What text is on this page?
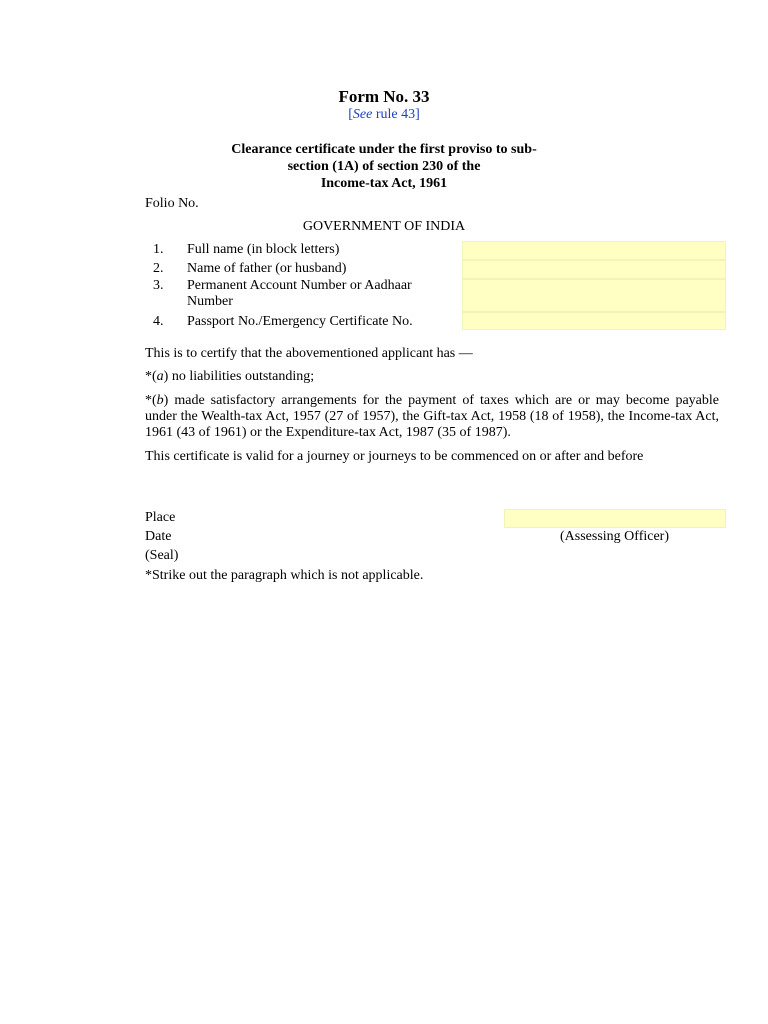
Form No. 33
[See rule 43]
Clearance certificate under the first proviso to sub-
section (1A) of section 230 of the
Income-tax Act, 1961
Folio No.
GOVERNMENT OF INDIA
1. Full name (in block letters)
2. Name of father (or husband)
3. Permanent Account Number or Aadhaar Number
4. Passport No./Emergency Certificate No.
This is to certify that the abovementioned applicant has —
*(a) no liabilities outstanding;
*(b) made satisfactory arrangements for the payment of taxes which are or may become payable under the Wealth-tax Act, 1957 (27 of 1957), the Gift-tax Act, 1958 (18 of 1958), the Income-tax Act, 1961 (43 of 1961) or the Expenditure-tax Act, 1987 (35 of 1987).
This certificate is valid for a journey or journeys to be commenced on or after and before
Place
Date	(Assessing Officer)
(Seal)
*Strike out the paragraph which is not applicable.
